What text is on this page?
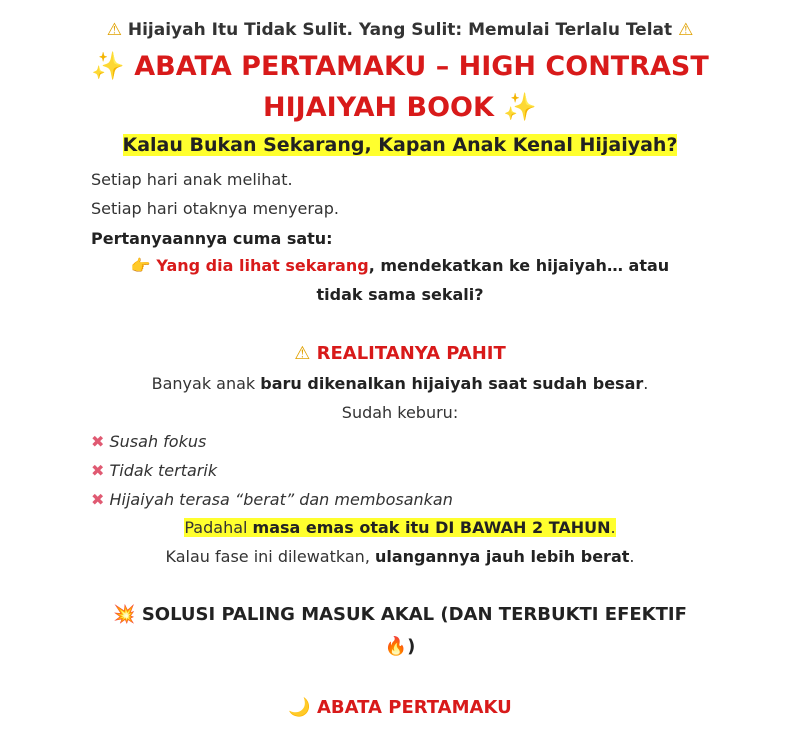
⚠ Hijaiyah Itu Tidak Sulit. Yang Sulit: Memulai Terlalu Telat ⚠
✨ ABATA PERTAMAKU – HIGH CONTRAST
HIJAIYAH BOOK ✨
Kalau Bukan Sekarang, Kapan Anak Kenal Hijaiyah?
Setiap hari anak melihat.
Setiap hari otaknya menyerap.
Pertanyaannya cuma satu:
👉 Yang dia lihat sekarang, mendekatkan ke hijaiyah… atau
tidak sama sekali?
⚠ REALITANYA PAHIT
Banyak anak baru dikenalkan hijaiyah saat sudah besar.
Sudah keburu:
✖ Susah fokus
✖ Tidak tertarik
✖ Hijaiyah terasa “berat” dan membosankan
Padahal masa emas otak itu DI BAWAH 2 TAHUN.
Kalau fase ini dilewatkan, ulangannya jauh lebih berat.
💥 SOLUSI PALING MASUK AKAL (DAN TERBUKTI EFEKTIF
🔥)
🌙 ABATA PERTAMAKU
